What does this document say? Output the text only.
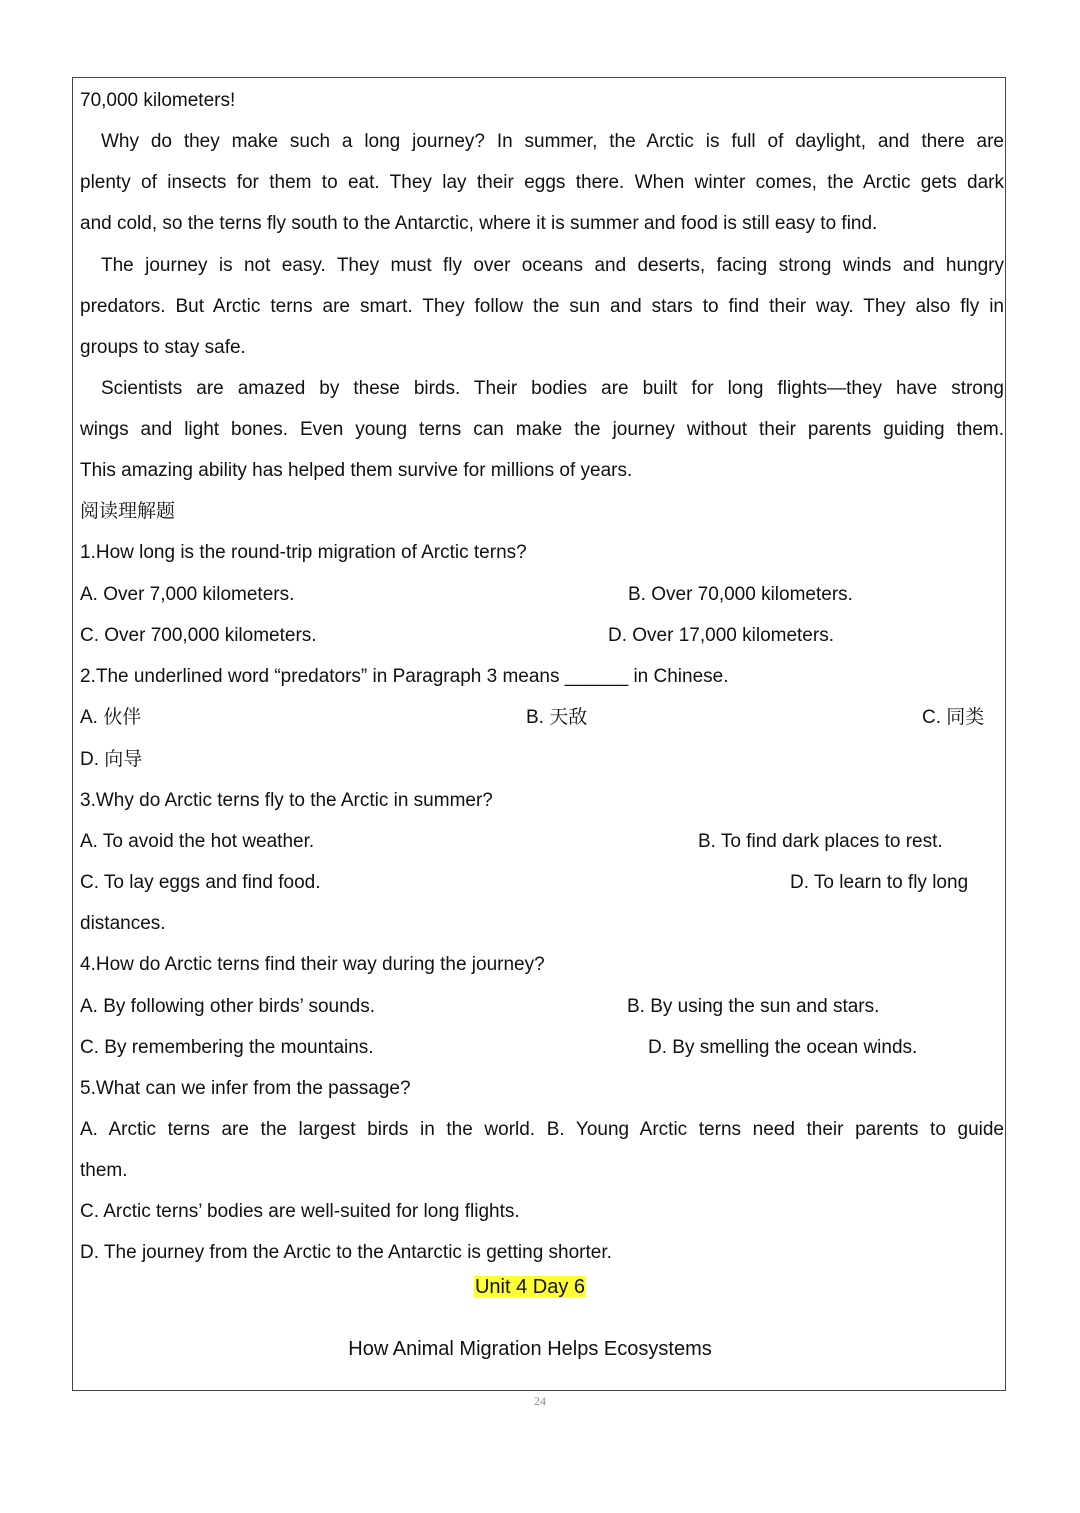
70,000 kilometers!
Why do they make such a long journey? In summer, the Arctic is full of daylight, and there are
plenty of insects for them to eat. They lay their eggs there. When winter comes, the Arctic gets dark
and cold, so the terns fly south to the Antarctic, where it is summer and food is still easy to find.
The journey is not easy. They must fly over oceans and deserts, facing strong winds and hungry
predators. But Arctic terns are smart. They follow the sun and stars to find their way. They also fly in
groups to stay safe.
Scientists are amazed by these birds. Their bodies are built for long flights—they have strong
wings and light bones. Even young terns can make the journey without their parents guiding them.
This amazing ability has helped them survive for millions of years.
阅读理解题
1.How long is the round-trip migration of Arctic terns?
A. Over 7,000 kilometers.	B. Over 70,000 kilometers.
C. Over 700,000 kilometers.	D. Over 17,000 kilometers.
2.The underlined word “predators” in Paragraph 3 means ______ in Chinese.
A. 伙伴	B. 天敌	C. 同类
D. 向导
3.Why do Arctic terns fly to the Arctic in summer?
A. To avoid the hot weather.	B. To find dark places to rest.
C. To lay eggs and find food.	D. To learn to fly long
distances.
4.How do Arctic terns find their way during the journey?
A. By following other birds’ sounds.	B. By using the sun and stars.
C. By remembering the mountains.	D. By smelling the ocean winds.
5.What can we infer from the passage?
A. Arctic terns are the largest birds in the world. B. Young Arctic terns need their parents to guide
them.
C. Arctic terns’ bodies are well-suited for long flights.
D. The journey from the Arctic to the Antarctic is getting shorter.
Unit 4 Day 6
How Animal Migration Helps Ecosystems
24
